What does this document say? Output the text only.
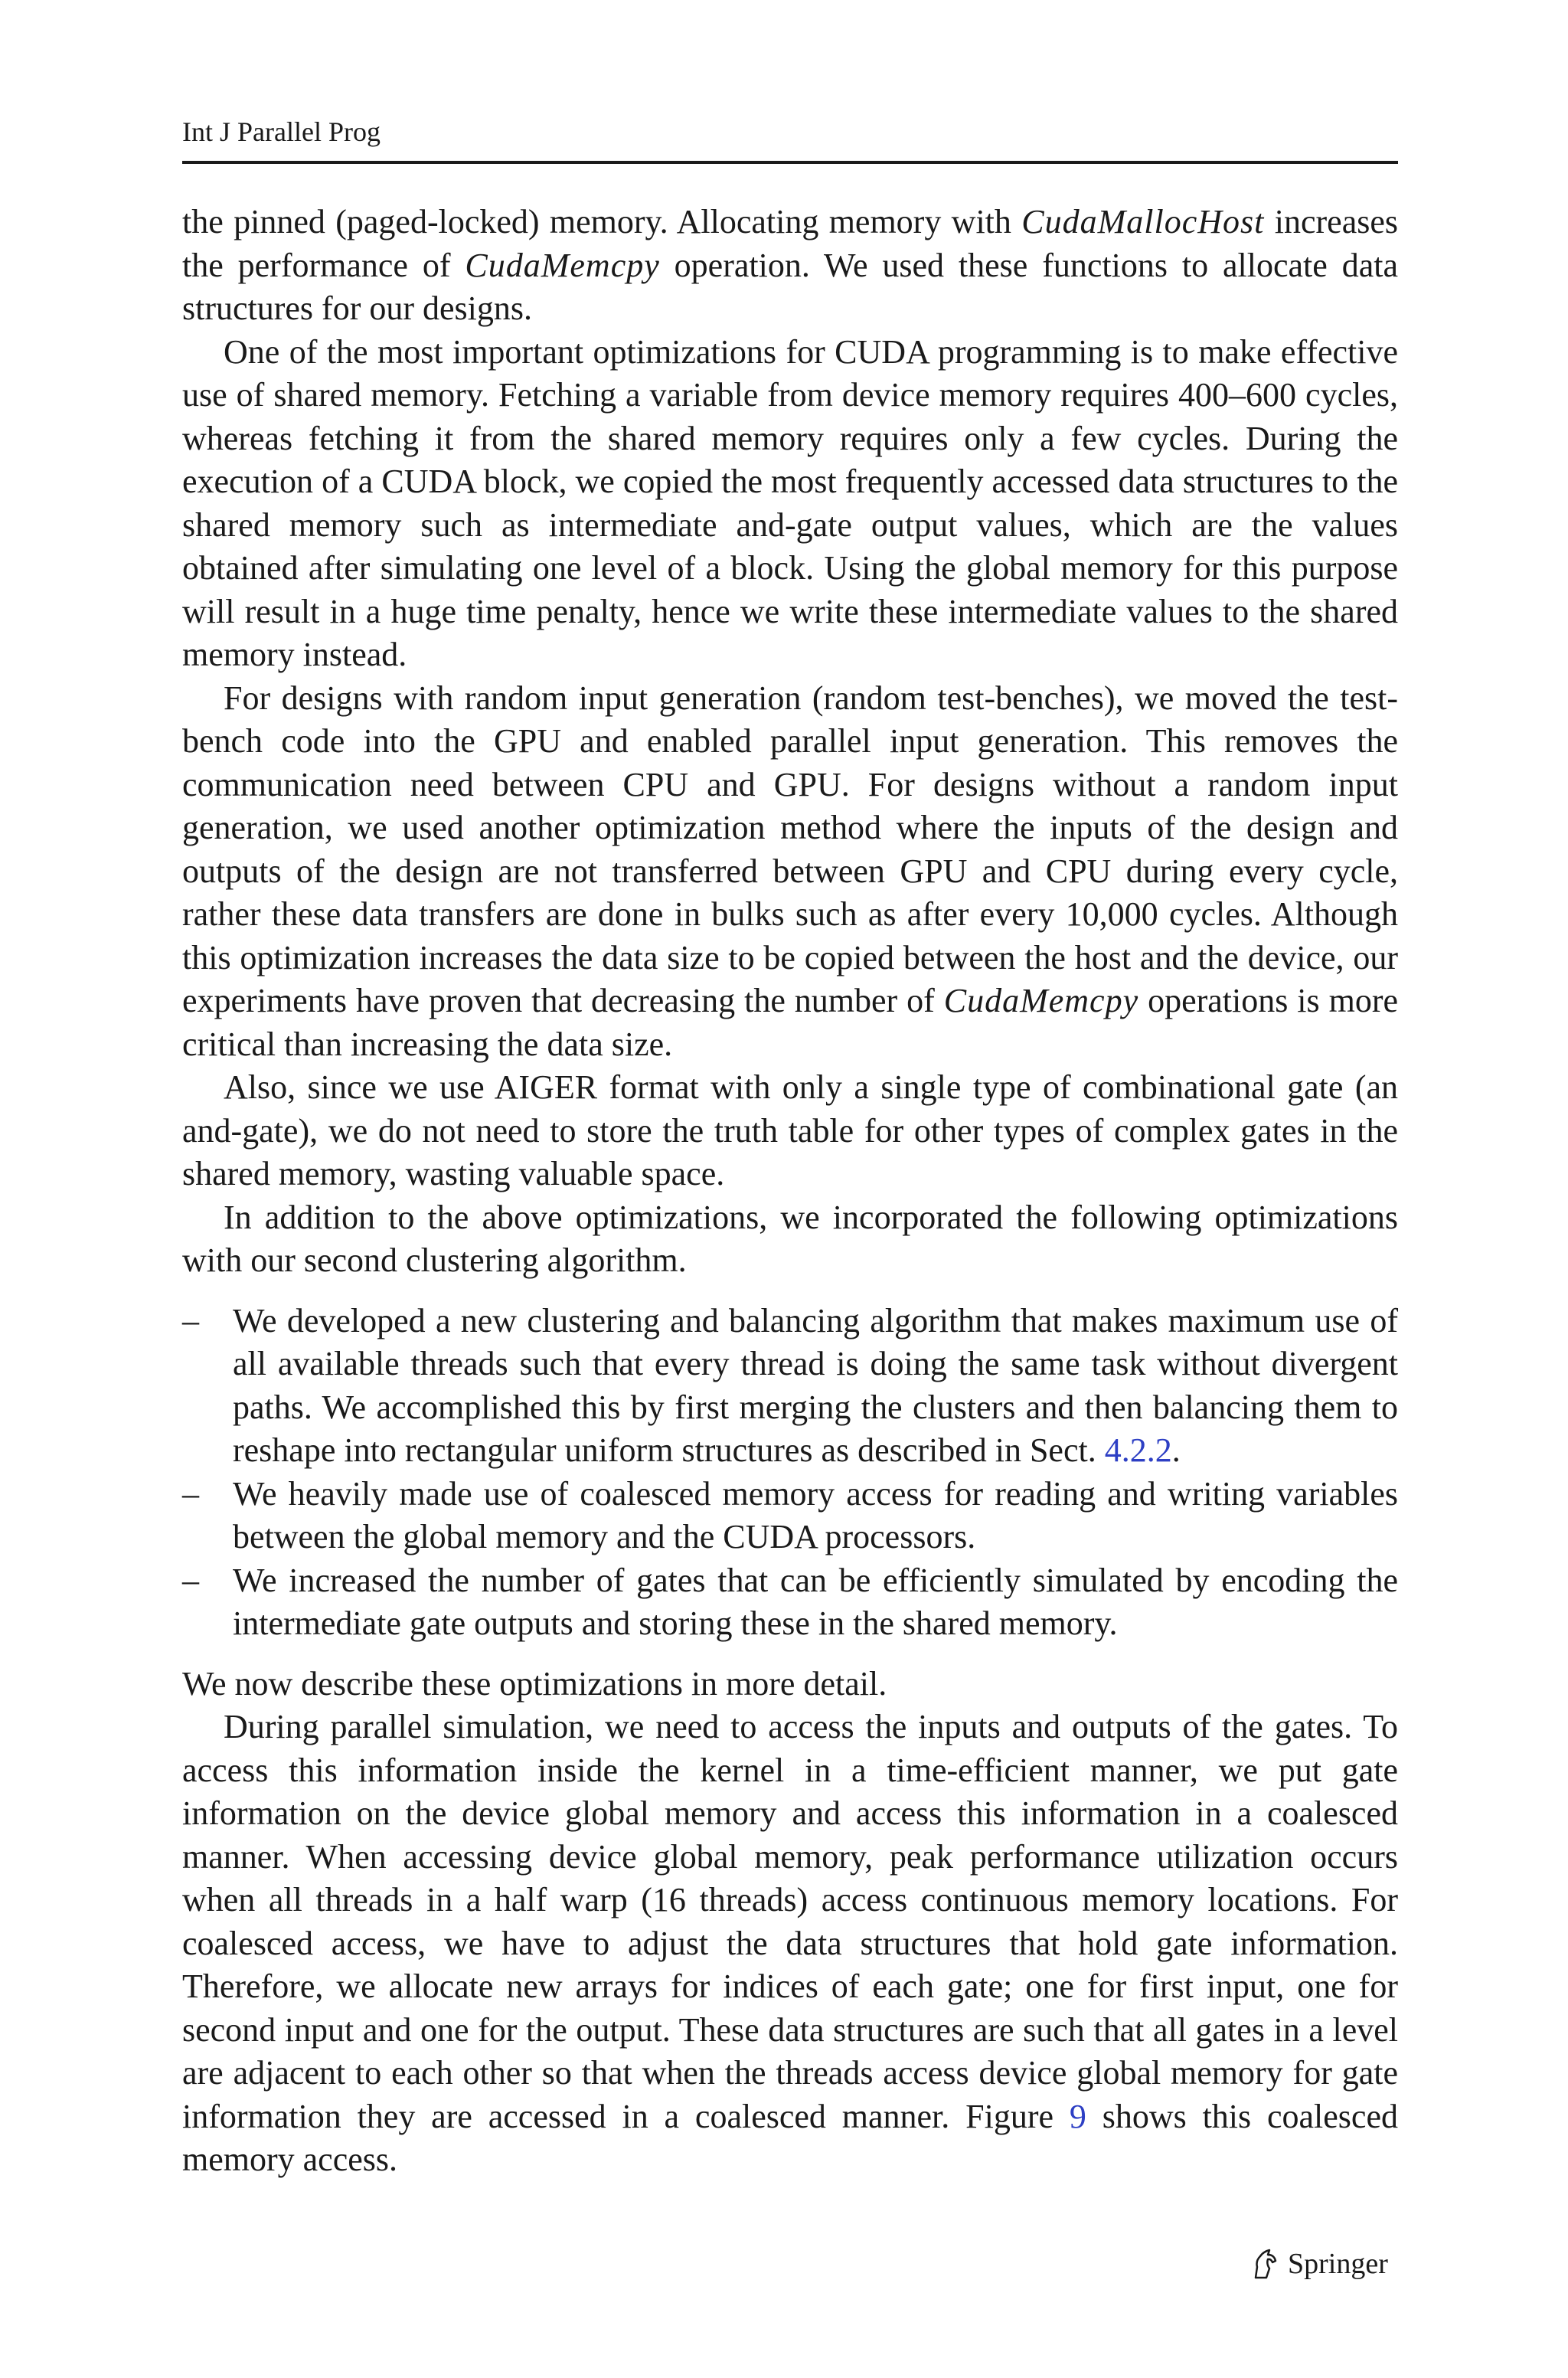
Int J Parallel Prog

the pinned (paged-locked) memory. Allocating memory with CudaMallocHost increases the performance of CudaMemcpy operation. We used these functions to allocate data structures for our designs.

One of the most important optimizations for CUDA programming is to make effective use of shared memory. Fetching a variable from device memory requires 400–600 cycles, whereas fetching it from the shared memory requires only a few cycles. During the execution of a CUDA block, we copied the most frequently accessed data structures to the shared memory such as intermediate and-gate output values, which are the values obtained after simulating one level of a block. Using the global memory for this purpose will result in a huge time penalty, hence we write these intermediate values to the shared memory instead.

For designs with random input generation (random test-benches), we moved the test-bench code into the GPU and enabled parallel input generation. This removes the communication need between CPU and GPU. For designs without a random input generation, we used another optimization method where the inputs of the design and outputs of the design are not transferred between GPU and CPU during every cycle, rather these data transfers are done in bulks such as after every 10,000 cycles. Although this optimization increases the data size to be copied between the host and the device, our experiments have proven that decreasing the number of CudaMemcpy operations is more critical than increasing the data size.

Also, since we use AIGER format with only a single type of combinational gate (an and-gate), we do not need to store the truth table for other types of complex gates in the shared memory, wasting valuable space.

In addition to the above optimizations, we incorporated the following optimizations with our second clustering algorithm.

– We developed a new clustering and balancing algorithm that makes maximum use of all available threads such that every thread is doing the same task without divergent paths. We accomplished this by first merging the clusters and then balancing them to reshape into rectangular uniform structures as described in Sect. 4.2.2.
– We heavily made use of coalesced memory access for reading and writing variables between the global memory and the CUDA processors.
– We increased the number of gates that can be efficiently simulated by encoding the intermediate gate outputs and storing these in the shared memory.

We now describe these optimizations in more detail.

During parallel simulation, we need to access the inputs and outputs of the gates. To access this information inside the kernel in a time-efficient manner, we put gate information on the device global memory and access this information in a coalesced manner. When accessing device global memory, peak performance utilization occurs when all threads in a half warp (16 threads) access continuous memory locations. For coalesced access, we have to adjust the data structures that hold gate information. Therefore, we allocate new arrays for indices of each gate; one for first input, one for second input and one for the output. These data structures are such that all gates in a level are adjacent to each other so that when the threads access device global memory for gate information they are accessed in a coalesced manner. Figure 9 shows this coalesced memory access.

Springer
